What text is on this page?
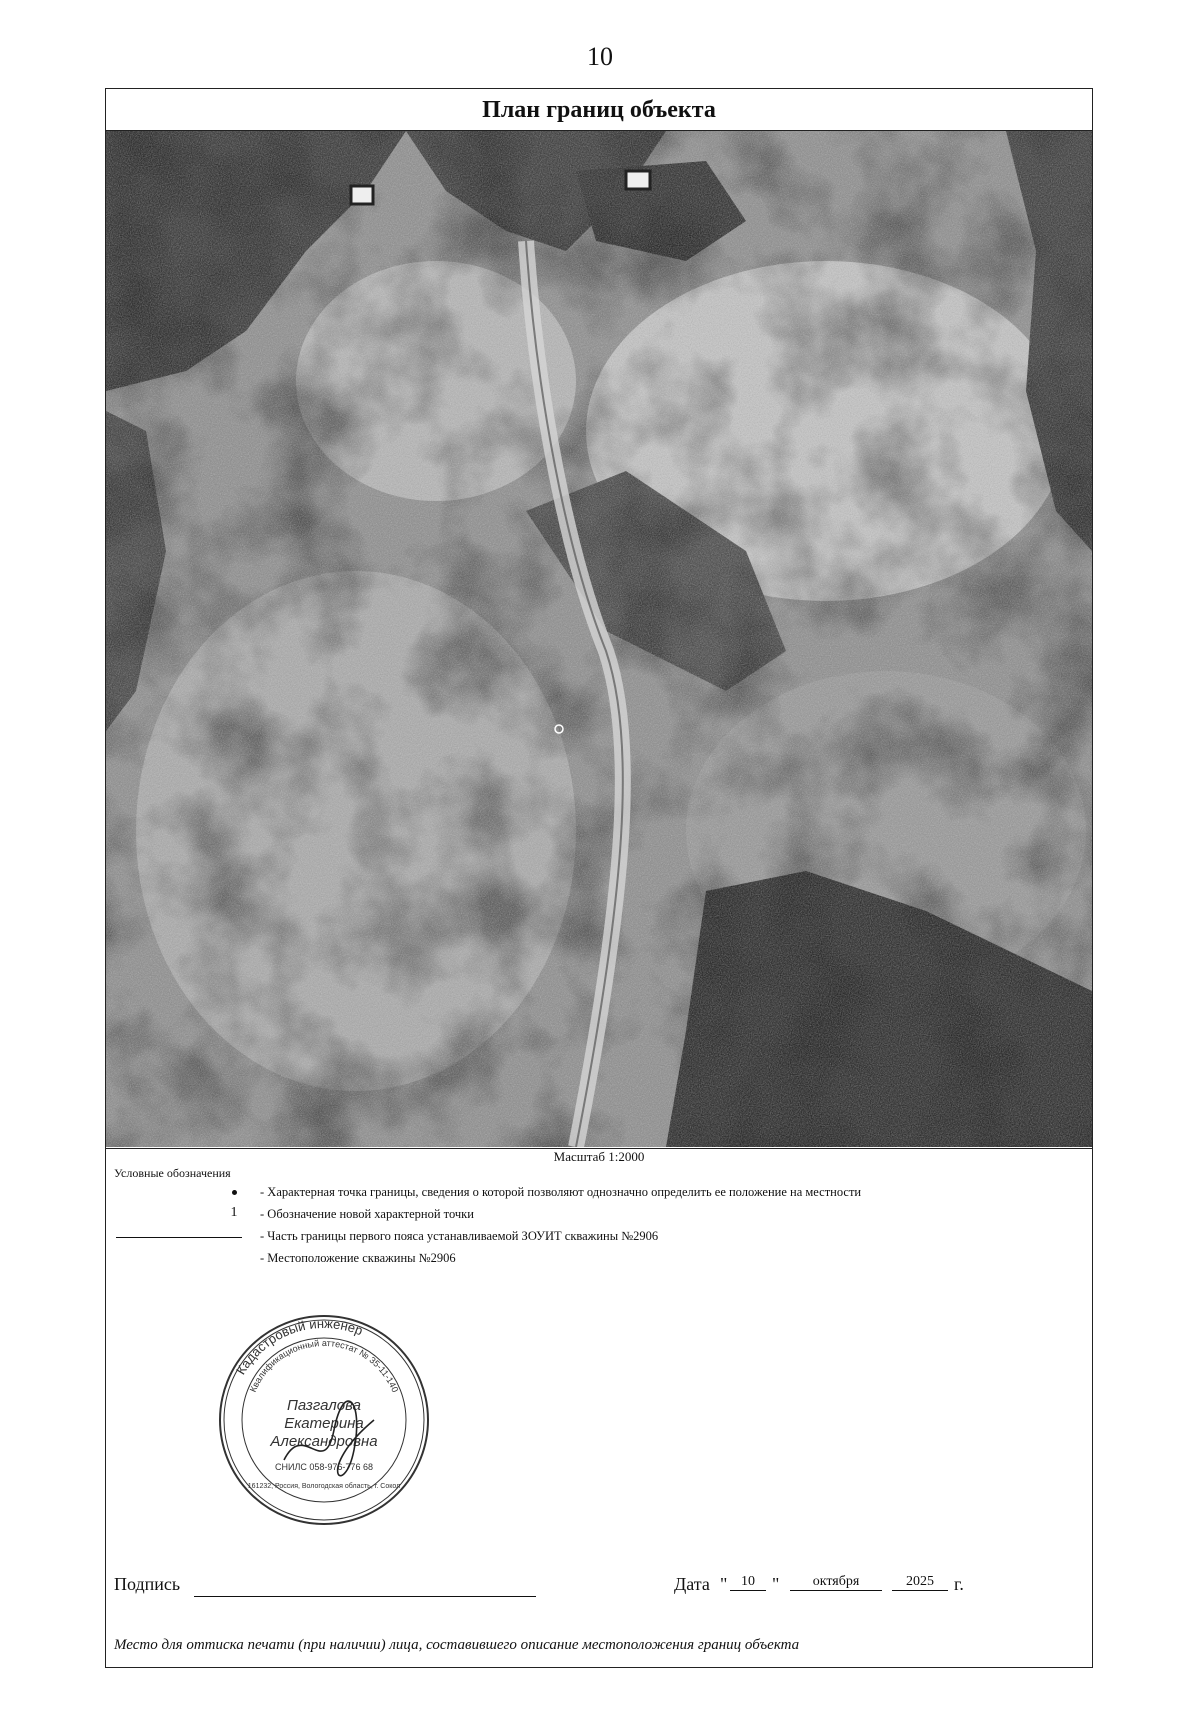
10
План границ объекта
Масштаб 1:2000
Условные обозначения
- Характерная точка границы, сведения о которой позволяют однозначно определить ее положение на местности
1	- Обозначение новой характерной точки
- Часть границы первого пояса устанавливаемой ЗОУИТ скважины №2906
- Местоположение скважины №2906
Подпись	Дата " 10 "	октября	2025	г.
Место для оттиска печати (при наличии) лица, составившего описание местоположения границ объекта
Кадастровый инженер
Квалификационный аттестат № 35-11-140
Пазгалова
Екатерина
Александровна
СНИЛС 058-976-776 68
161232, Россия, Вологодская область, г. Сокол
